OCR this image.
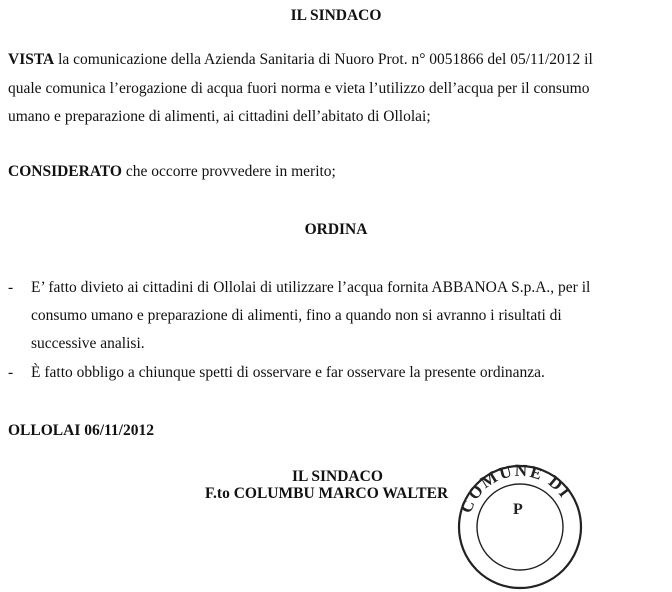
IL SINDACO
VISTA la comunicazione della Azienda Sanitaria di Nuoro Prot. n° 0051866 del 05/11/2012 il
quale comunica l’erogazione di acqua fuori norma e vieta l’utilizzo dell’acqua per il consumo
umano e preparazione di alimenti, ai cittadini dell’abitato di Ollolai;
CONSIDERATO che occorre provvedere in merito;
ORDINA
- E’ fatto divieto ai cittadini di Ollolai di utilizzare l’acqua fornita ABBANOA S.p.A., per il
consumo umano e preparazione di alimenti, fino a quando non si avranno i risultati di
successive analisi.
- È fatto obbligo a chiunque spetti di osservare e far osservare la presente ordinanza.
OLLOLAI 06/11/2012
IL SINDACO
F.to COLUMBU MARCO WALTER
COMUNE DI
P
